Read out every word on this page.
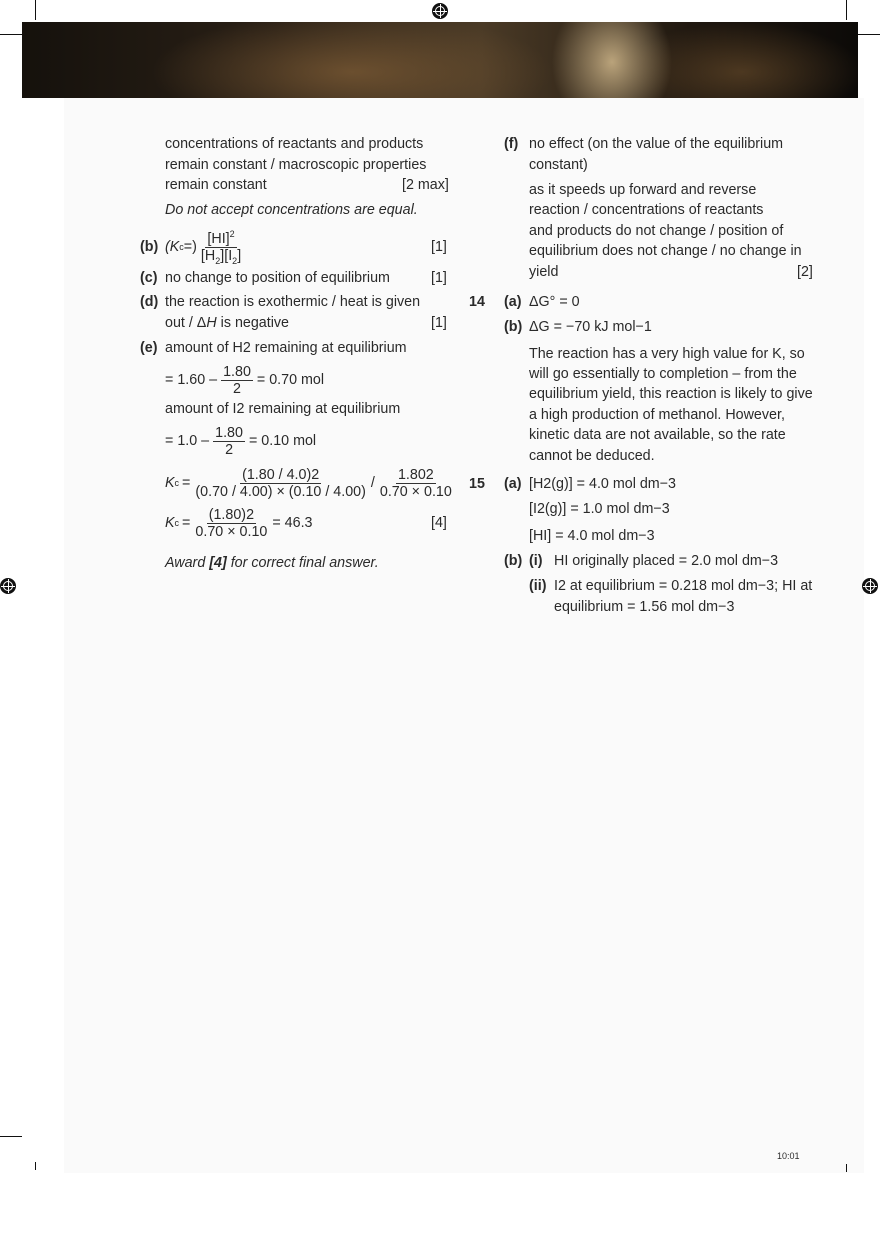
concentrations of reactants and products
remain constant / macroscopic properties
remain constant	[2 max]
Do not accept concentrations are equal.
(b) (K c =) $\frac{[HI]^2}{[H_2][I_2]}$	[1]
(c) no change to position of equilibrium	[1]
(d) the reaction is exothermic / heat is given
out / ΔH is negative	[1]
(e) amount of H2 remaining at equilibrium
= $1.60 - \frac{1.80}{2} = 0.70$ mol
amount of I2 remaining at equilibrium
= $1.0 - \frac{1.80}{2} = 0.10$ mol
K $c = \frac{(1.80 / 4.0)2}{(0.70 / 4.00) \times (0.10 / 4.00)} / \frac{1.802}{0.70 \times 0.10}$
K $c = \frac{(1.80)2}{0.70 \times 0.10} = 46.3$	[4]
Award [4] for correct final answer.
(f) no effect (on the value of the equilibrium
constant)
as it speeds up forward and reverse
reaction / concentrations of reactants
and products do not change / position of
equilibrium does not change / no change in
yield	[2]
14 (a) ΔG° = 0
(b) ΔG = −70 kJ mol−1
The reaction has a very high value for K, so
will go essentially to completion – from the
equilibrium yield, this reaction is likely to give
a high production of methanol. However,
kinetic data are not available, so the rate
cannot be deduced.
15 (a) [H2(g)] = 4.0 mol dm−3
[I2(g)] = 1.0 mol dm−3
[HI] = 4.0 mol dm−3
(b) (i) HI originally placed = 2.0 mol dm−3
(ii) I2 at equilibrium = 0.218 mol dm−3; HI at
equilibrium = 1.56 mol dm−3
10:01
